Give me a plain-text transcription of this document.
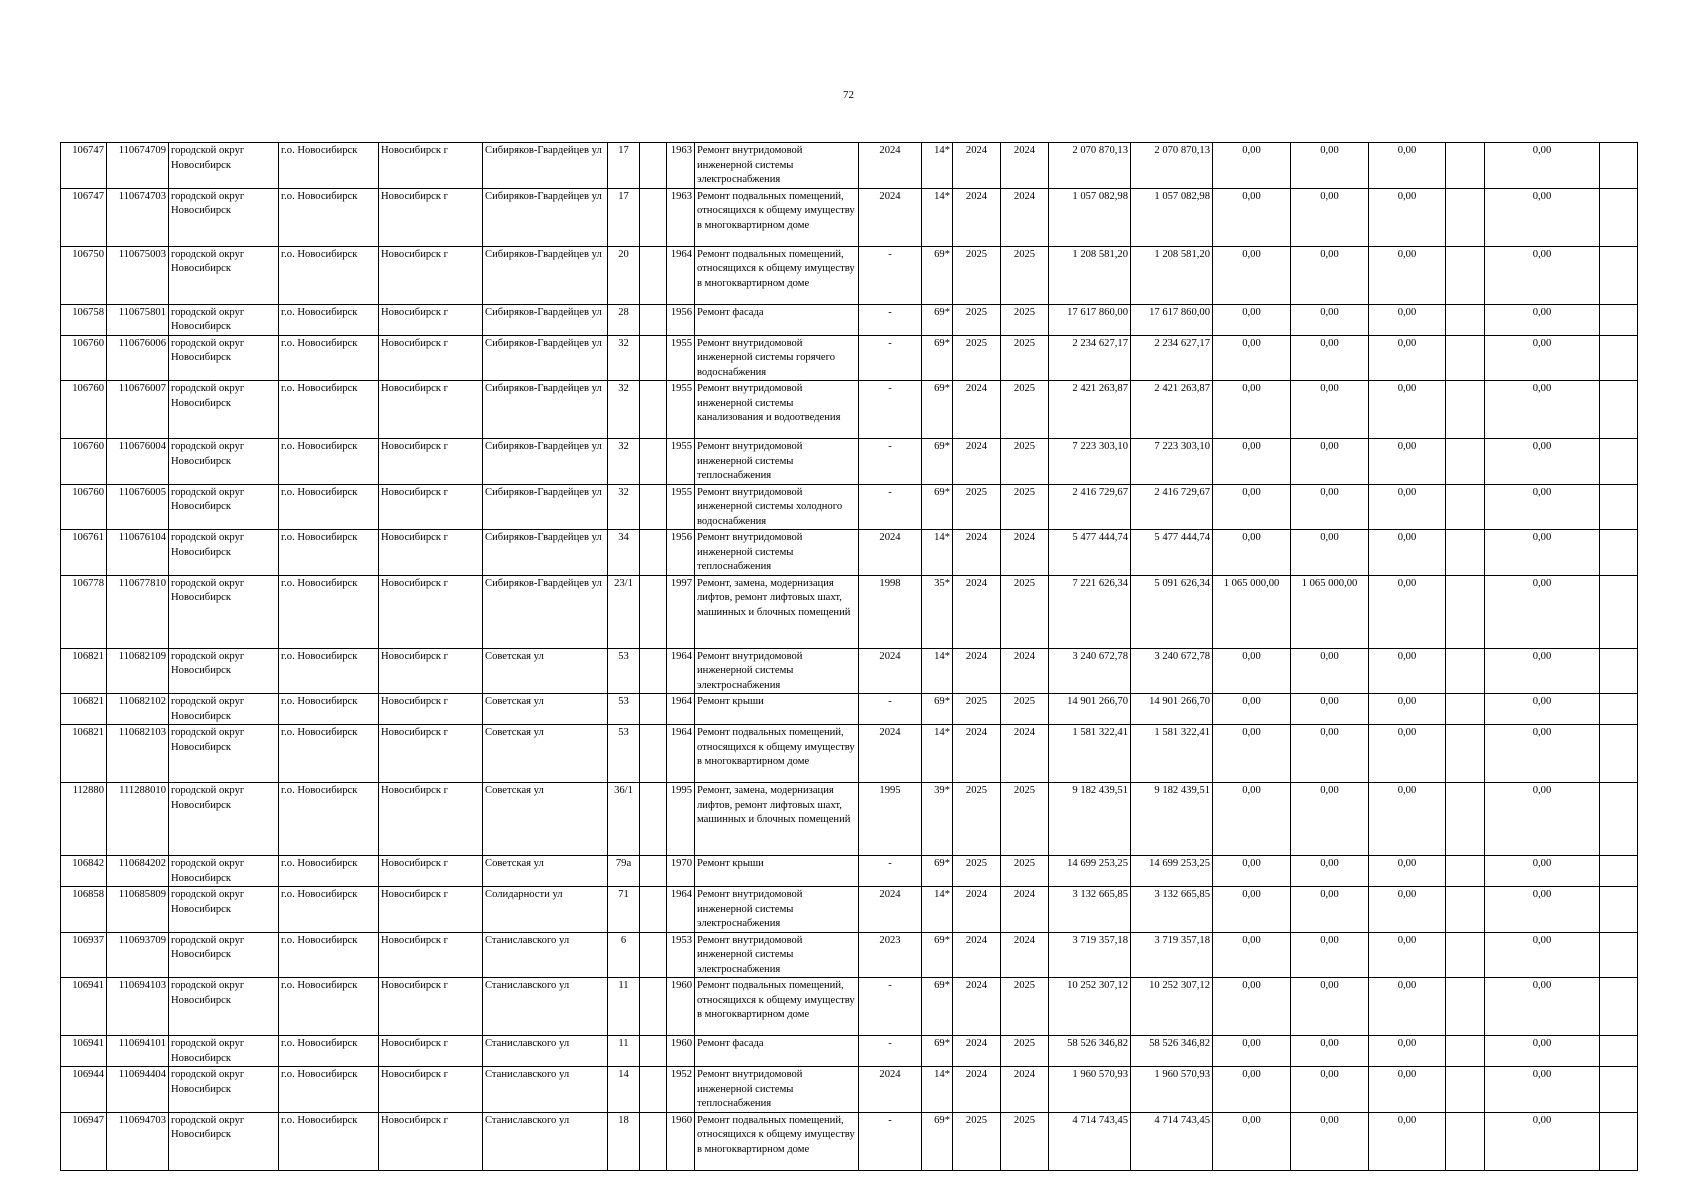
72
106747	110674709	городской округ Новосибирск	г.о. Новосибирск	Новосибирск г	Сибиряков-Гвардейцев ул	17		1963	Ремонт внутридомовой инженерной системы электроснабжения	2024	14*	2024	2024	2 070 870,13	2 070 870,13	0,00	0,00	0,00		0,00	
106747	110674703	городской округ Новосибирск	г.о. Новосибирск	Новосибирск г	Сибиряков-Гвардейцев ул	17		1963	Ремонт подвальных помещений, относящихся к общему имуществу в многоквартирном доме	2024	14*	2024	2024	1 057 082,98	1 057 082,98	0,00	0,00	0,00		0,00	
106750	110675003	городской округ Новосибирск	г.о. Новосибирск	Новосибирск г	Сибиряков-Гвардейцев ул	20		1964	Ремонт подвальных помещений, относящихся к общему имуществу в многоквартирном доме	-	69*	2025	2025	1 208 581,20	1 208 581,20	0,00	0,00	0,00		0,00	
106758	110675801	городской округ Новосибирск	г.о. Новосибирск	Новосибирск г	Сибиряков-Гвардейцев ул	28		1956	Ремонт фасада	-	69*	2025	2025	17 617 860,00	17 617 860,00	0,00	0,00	0,00		0,00	
106760	110676006	городской округ Новосибирск	г.о. Новосибирск	Новосибирск г	Сибиряков-Гвардейцев ул	32		1955	Ремонт внутридомовой инженерной системы горячего водоснабжения	-	69*	2025	2025	2 234 627,17	2 234 627,17	0,00	0,00	0,00		0,00	
106760	110676007	городской округ Новосибирск	г.о. Новосибирск	Новосибирск г	Сибиряков-Гвардейцев ул	32		1955	Ремонт внутридомовой инженерной системы канализования и водоотведения	-	69*	2024	2025	2 421 263,87	2 421 263,87	0,00	0,00	0,00		0,00	
106760	110676004	городской округ Новосибирск	г.о. Новосибирск	Новосибирск г	Сибиряков-Гвардейцев ул	32		1955	Ремонт внутридомовой инженерной системы теплоснабжения	-	69*	2024	2025	7 223 303,10	7 223 303,10	0,00	0,00	0,00		0,00	
106760	110676005	городской округ Новосибирск	г.о. Новосибирск	Новосибирск г	Сибиряков-Гвардейцев ул	32		1955	Ремонт внутридомовой инженерной системы холодного водоснабжения	-	69*	2025	2025	2 416 729,67	2 416 729,67	0,00	0,00	0,00		0,00	
106761	110676104	городской округ Новосибирск	г.о. Новосибирск	Новосибирск г	Сибиряков-Гвардейцев ул	34		1956	Ремонт внутридомовой инженерной системы теплоснабжения	2024	14*	2024	2024	5 477 444,74	5 477 444,74	0,00	0,00	0,00		0,00	
106778	110677810	городской округ Новосибирск	г.о. Новосибирск	Новосибирск г	Сибиряков-Гвардейцев ул	23/1		1997	Ремонт, замена, модернизация лифтов, ремонт лифтовых шахт, машинных и блочных помещений	1998	35*	2024	2025	7 221 626,34	5 091 626,34	1 065 000,00	1 065 000,00	0,00		0,00	
106821	110682109	городской округ Новосибирск	г.о. Новосибирск	Новосибирск г	Советская ул	53		1964	Ремонт внутридомовой инженерной системы электроснабжения	2024	14*	2024	2024	3 240 672,78	3 240 672,78	0,00	0,00	0,00		0,00	
106821	110682102	городской округ Новосибирск	г.о. Новосибирск	Новосибирск г	Советская ул	53		1964	Ремонт крыши	-	69*	2025	2025	14 901 266,70	14 901 266,70	0,00	0,00	0,00		0,00	
106821	110682103	городской округ Новосибирск	г.о. Новосибирск	Новосибирск г	Советская ул	53		1964	Ремонт подвальных помещений, относящихся к общему имуществу в многоквартирном доме	2024	14*	2024	2024	1 581 322,41	1 581 322,41	0,00	0,00	0,00		0,00	
112880	111288010	городской округ Новосибирск	г.о. Новосибирск	Новосибирск г	Советская ул	36/1		1995	Ремонт, замена, модернизация лифтов, ремонт лифтовых шахт, машинных и блочных помещений	1995	39*	2025	2025	9 182 439,51	9 182 439,51	0,00	0,00	0,00		0,00	
106842	110684202	городской округ Новосибирск	г.о. Новосибирск	Новосибирск г	Советская ул	79а		1970	Ремонт крыши	-	69*	2025	2025	14 699 253,25	14 699 253,25	0,00	0,00	0,00		0,00	
106858	110685809	городской округ Новосибирск	г.о. Новосибирск	Новосибирск г	Солидарности ул	71		1964	Ремонт внутридомовой инженерной системы электроснабжения	2024	14*	2024	2024	3 132 665,85	3 132 665,85	0,00	0,00	0,00		0,00	
106937	110693709	городской округ Новосибирск	г.о. Новосибирск	Новосибирск г	Станиславского ул	6		1953	Ремонт внутридомовой инженерной системы электроснабжения	2023	69*	2024	2024	3 719 357,18	3 719 357,18	0,00	0,00	0,00		0,00	
106941	110694103	городской округ Новосибирск	г.о. Новосибирск	Новосибирск г	Станиславского ул	11		1960	Ремонт подвальных помещений, относящихся к общему имуществу в многоквартирном доме	-	69*	2024	2025	10 252 307,12	10 252 307,12	0,00	0,00	0,00		0,00	
106941	110694101	городской округ Новосибирск	г.о. Новосибирск	Новосибирск г	Станиславского ул	11		1960	Ремонт фасада	-	69*	2024	2025	58 526 346,82	58 526 346,82	0,00	0,00	0,00		0,00	
106944	110694404	городской округ Новосибирск	г.о. Новосибирск	Новосибирск г	Станиславского ул	14		1952	Ремонт внутридомовой инженерной системы теплоснабжения	2024	14*	2024	2024	1 960 570,93	1 960 570,93	0,00	0,00	0,00		0,00	
106947	110694703	городской округ Новосибирск	г.о. Новосибирск	Новосибирск г	Станиславского ул	18		1960	Ремонт подвальных помещений, относящихся к общему имуществу в многоквартирном доме	-	69*	2025	2025	4 714 743,45	4 714 743,45	0,00	0,00	0,00		0,00	
